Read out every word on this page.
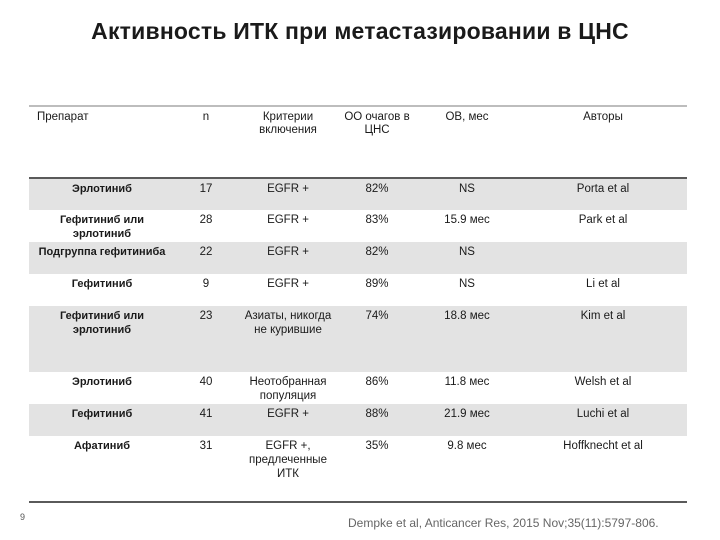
Активность ИТК при метастазировании в ЦНС
Препарат	n	Критерии включения	ОО очагов в ЦНС	ОВ, мес	Авторы
Эрлотиниб	17	EGFR +	82%	NS	Porta et al
Гефитиниб или эрлотиниб	28	EGFR +	83%	15.9 мес	Park et al
Подгруппа гефитиниба	22	EGFR +	82%	NS	
Гефитиниб	9	EGFR +	89%	NS	Li et al
Гефитиниб или эрлотиниб	23	Азиаты, никогда не курившие	74%	18.8 мес	Kim et al
Эрлотиниб	40	Неотобранная популяция	86%	11.8 мес	Welsh et al
Гефитиниб	41	EGFR +	88%	21.9 мес	Luchi et al
Афатиниб	31	EGFR +, предлеченные ИТК	35%	9.8 мес	Hoffknecht et al
9	Dempke et al, Anticancer Res, 2015 Nov;35(11):5797-806.
